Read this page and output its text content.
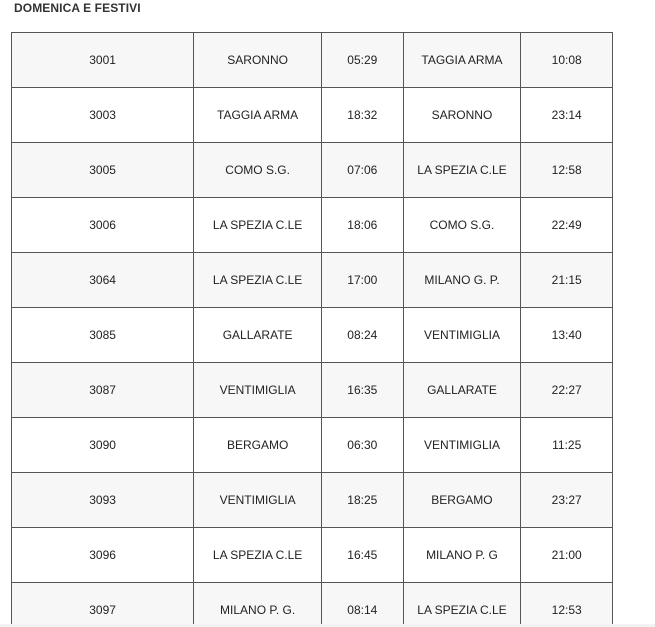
DOMENICA E FESTIVI
3001	SARONNO	05:29	TAGGIA ARMA	10:08
3003	TAGGIA ARMA	18:32	SARONNO	23:14
3005	COMO S.G.	07:06	LA SPEZIA C.LE	12:58
3006	LA SPEZIA C.LE	18:06	COMO S.G.	22:49
3064	LA SPEZIA C.LE	17:00	MILANO G. P.	21:15
3085	GALLARATE	08:24	VENTIMIGLIA	13:40
3087	VENTIMIGLIA	16:35	GALLARATE	22:27
3090	BERGAMO	06:30	VENTIMIGLIA	11:25
3093	VENTIMIGLIA	18:25	BERGAMO	23:27
3096	LA SPEZIA C.LE	16:45	MILANO P. G	21:00
3097	MILANO P. G.	08:14	LA SPEZIA C.LE	12:53
